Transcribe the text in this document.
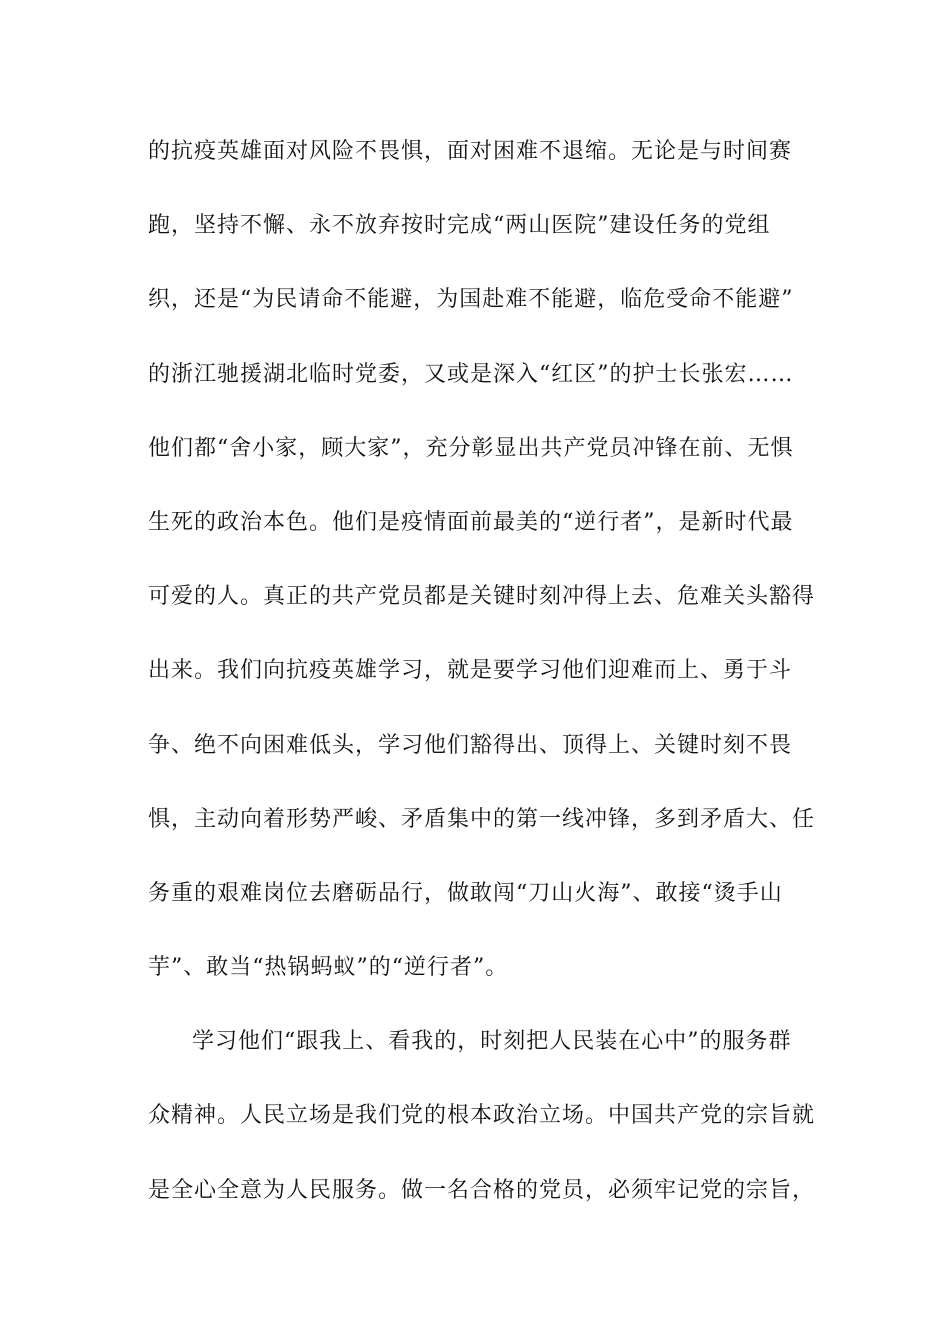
的抗疫英雄面对风险不畏惧，面对困难不退缩。无论是与时间赛
跑，坚持不懈、永不放弃按时完成“两山医院”建设任务的党组
织，还是“为民请命不能避，为国赴难不能避，临危受命不能避”
的浙江驰援湖北临时党委，又或是深入“红区”的护士长张宏……
他们都“舍小家，顾大家”，充分彰显出共产党员冲锋在前、无惧
生死的政治本色。他们是疫情面前最美的“逆行者”，是新时代最
可爱的人。真正的共产党员都是关键时刻冲得上去、危难关头豁得
出来。我们向抗疫英雄学习，就是要学习他们迎难而上、勇于斗
争、绝不向困难低头，学习他们豁得出、顶得上、关键时刻不畏
惧，主动向着形势严峻、矛盾集中的第一线冲锋，多到矛盾大、任
务重的艰难岗位去磨砺品行，做敢闯“刀山火海”、敢接“烫手山
芋”、敢当“热锅蚂蚁”的“逆行者”。
学习他们“跟我上、看我的，时刻把人民装在心中”的服务群
众精神。人民立场是我们党的根本政治立场。中国共产党的宗旨就
是全心全意为人民服务。做一名合格的党员，必须牢记党的宗旨，
